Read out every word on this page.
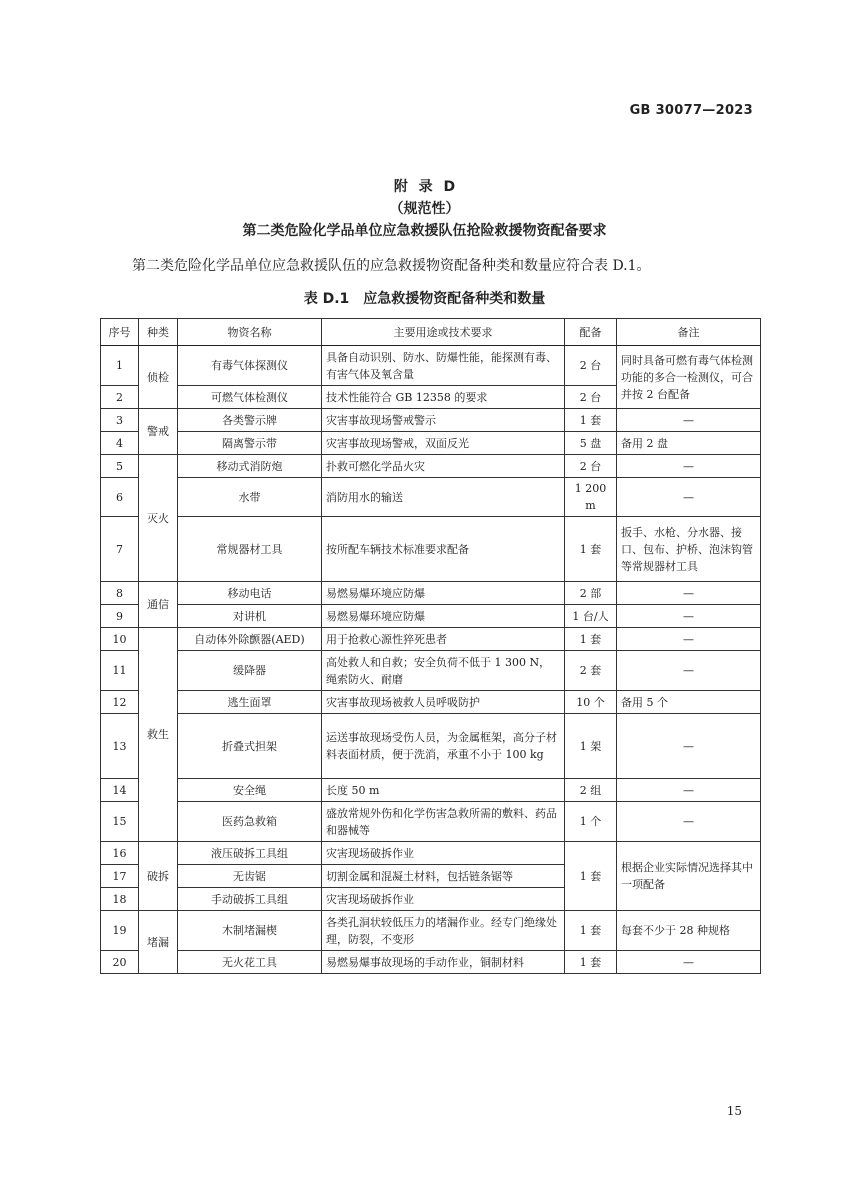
GB 30077—2023
附 录 D
（规范性）
第二类危险化学品单位应急救援队伍抢险救援物资配备要求
第二类危险化学品单位应急救援队伍的应急救援物资配备种类和数量应符合表 D.1。
表 D.1　应急救援物资配备种类和数量
序号	种类	物资名称	主要用途或技术要求	配备	备注
1	侦检	有毒气体探测仪	具备自动识别、防水、防爆性能，能探测有毒、有害气体及氧含量	2 台	同时具备可燃有毒气体检测功能的多合一检测仪，可合并按 2 台配备
2		可燃气体检测仪	技术性能符合 GB 12358 的要求	2 台	
3	警戒	各类警示牌	灾害事故现场警戒警示	1 套	—
4		隔离警示带	灾害事故现场警戒，双面反光	5 盘	备用 2 盘
5	灭火	移动式消防炮	扑救可燃化学品火灾	2 台	—
6		水带	消防用水的输送	1 200 m	—
7		常规器材工具	按所配车辆技术标准要求配备	1 套	扳手、水枪、分水器、接口、包布、护桥、泡沫钩管等常规器材工具
8	通信	移动电话	易燃易爆环境应防爆	2 部	—
9		对讲机	易燃易爆环境应防爆	1 台/人	—
10	救生	自动体外除颤器(AED)	用于抢救心源性猝死患者	1 套	—
11		缓降器	高处救人和自救；安全负荷不低于 1 300 N，绳索防火、耐磨	2 套	—
12		逃生面罩	灾害事故现场被救人员呼吸防护	10 个	备用 5 个
13		折叠式担架	运送事故现场受伤人员，为金属框架，高分子材料表面材质，便于洗消，承重不小于 100 kg	1 架	—
14		安全绳	长度 50 m	2 组	—
15		医药急救箱	盛放常规外伤和化学伤害急救所需的敷料、药品和器械等	1 个	—
16	破拆	液压破拆工具组	灾害现场破拆作业	1 套	根据企业实际情况选择其中一项配备
17		无齿锯	切割金属和混凝土材料，包括链条锯等		
18		手动破拆工具组	灾害现场破拆作业		
19	堵漏	木制堵漏楔	各类孔洞状较低压力的堵漏作业。经专门绝缘处理，防裂，不变形	1 套	每套不少于 28 种规格
20		无火花工具	易燃易爆事故现场的手动作业，铜制材料	1 套	—
15
